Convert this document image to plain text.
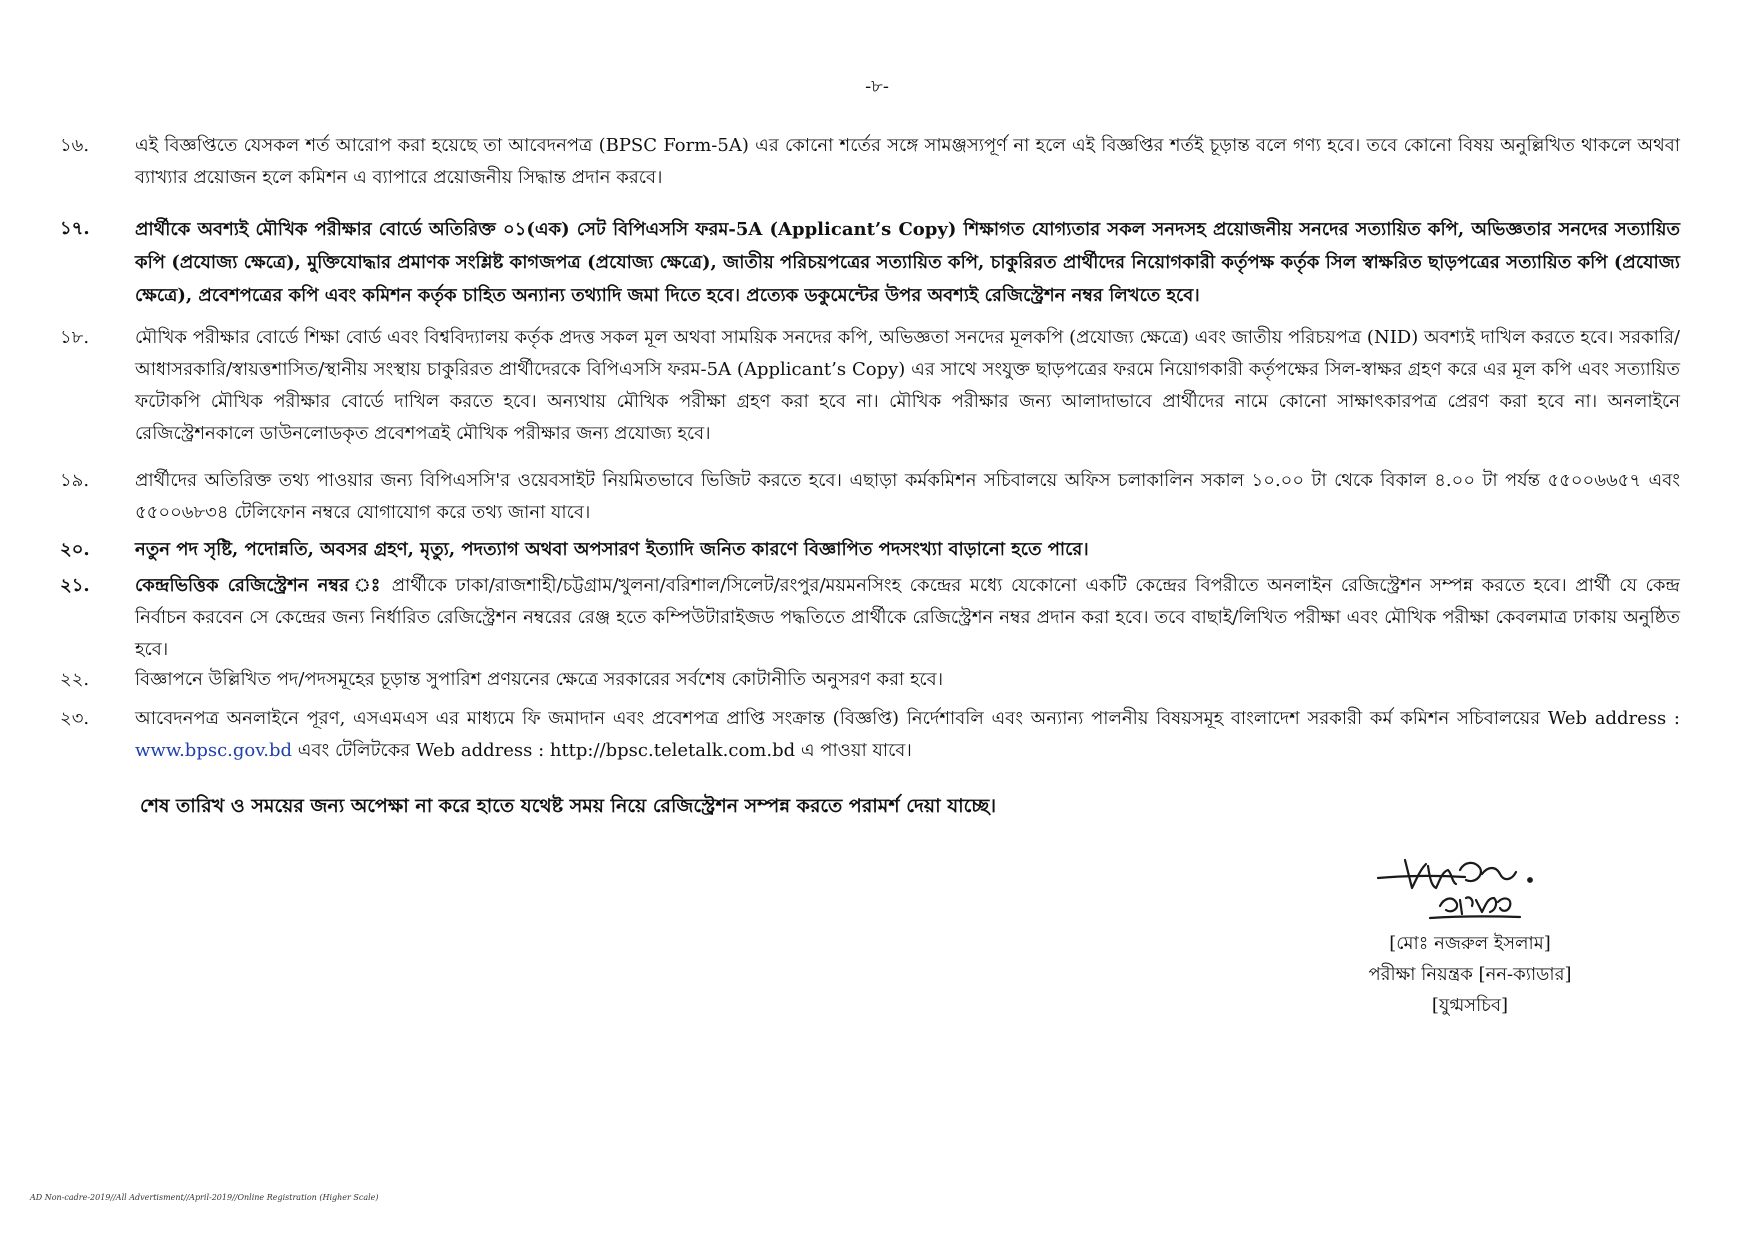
-৮-
১৬.	এই বিজ্ঞপ্তিতে যেসকল শর্ত আরোপ করা হয়েছে তা আবেদনপত্র (BPSC Form-5A) এর কোনো শর্তের সঙ্গে সামঞ্জস্যপূর্ণ না হলে এই বিজ্ঞপ্তির শর্তই চূড়ান্ত বলে গণ্য হবে। তবে কোনো বিষয় অনুল্লিখিত থাকলে অথবা ব্যাখ্যার প্রয়োজন হলে কমিশন এ ব্যাপারে প্রয়োজনীয় সিদ্ধান্ত প্রদান করবে।
১৭.	প্রার্থীকে অবশ্যই মৌখিক পরীক্ষার বোর্ডে অতিরিক্ত ০১(এক) সেট বিপিএসসি ফরম-5A (Applicant’s Copy) শিক্ষাগত যোগ্যতার সকল সনদসহ প্রয়োজনীয় সনদের সত্যায়িত কপি, অভিজ্ঞতার সনদের সত্যায়িত কপি (প্রযোজ্য ক্ষেত্রে), মুক্তিযোদ্ধার প্রমাণক সংশ্লিষ্ট কাগজপত্র (প্রযোজ্য ক্ষেত্রে), জাতীয় পরিচয়পত্রের সত্যায়িত কপি, চাকুরিরত প্রার্থীদের নিয়োগকারী কর্তৃপক্ষ কর্তৃক সিল স্বাক্ষরিত ছাড়পত্রের সত্যায়িত কপি (প্রযোজ্য ক্ষেত্রে), প্রবেশপত্রের কপি এবং কমিশন কর্তৃক চাহিত অন্যান্য তথ্যাদি জমা দিতে হবে। প্রত্যেক ডকুমেন্টের উপর অবশ্যই রেজিস্ট্রেশন নম্বর লিখতে হবে।
১৮.	মৌখিক পরীক্ষার বোর্ডে শিক্ষা বোর্ড এবং বিশ্ববিদ্যালয় কর্তৃক প্রদত্ত সকল মূল অথবা সাময়িক সনদের কপি, অভিজ্ঞতা সনদের মূলকপি (প্রযোজ্য ক্ষেত্রে) এবং জাতীয় পরিচয়পত্র (NID) অবশ্যই দাখিল করতে হবে। সরকারি/ আধাসরকারি/স্বায়ত্তশাসিত/স্থানীয় সংস্থায় চাকুরিরত প্রার্থীদেরকে বিপিএসসি ফরম-5A (Applicant’s Copy) এর সাথে সংযুক্ত ছাড়পত্রের ফরমে নিয়োগকারী কর্তৃপক্ষের সিল-স্বাক্ষর গ্রহণ করে এর মূল কপি এবং সত্যায়িত ফটোকপি মৌখিক পরীক্ষার বোর্ডে দাখিল করতে হবে। অন্যথায় মৌখিক পরীক্ষা গ্রহণ করা হবে না। মৌখিক পরীক্ষার জন্য আলাদাভাবে প্রার্থীদের নামে কোনো সাক্ষাৎকারপত্র প্রেরণ করা হবে না। অনলাইনে রেজিস্ট্রেশনকালে ডাউনলোডকৃত প্রবেশপত্রই মৌখিক পরীক্ষার জন্য প্রযোজ্য হবে।
১৯.	প্রার্থীদের অতিরিক্ত তথ্য পাওয়ার জন্য বিপিএসসি'র ওয়েবসাইট নিয়মিতভাবে ভিজিট করতে হবে। এছাড়া কর্মকমিশন সচিবালয়ে অফিস চলাকালিন সকাল ১০.০০ টা থেকে বিকাল ৪.০০ টা পর্যন্ত ৫৫০০৬৬৫৭ এবং ৫৫০০৬৮৩৪ টেলিফোন নম্বরে যোগাযোগ করে তথ্য জানা যাবে।
২০.	নতুন পদ সৃষ্টি, পদোন্নতি, অবসর গ্রহণ, মৃত্যু, পদত্যাগ অথবা অপসারণ ইত্যাদি জনিত কারণে বিজ্ঞাপিত পদসংখ্যা বাড়ানো হতে পারে।
২১.	কেন্দ্রভিত্তিক রেজিস্ট্রেশন নম্বর ঃ প্রার্থীকে ঢাকা/রাজশাহী/চট্টগ্রাম/খুলনা/বরিশাল/সিলেট/রংপুর/ময়মনসিংহ কেন্দ্রের মধ্যে যেকোনো একটি কেন্দ্রের বিপরীতে অনলাইন রেজিস্ট্রেশন সম্পন্ন করতে হবে। প্রার্থী যে কেন্দ্র নির্বাচন করবেন সে কেন্দ্রের জন্য নির্ধারিত রেজিস্ট্রেশন নম্বরের রেঞ্জ হতে কম্পিউটারাইজড পদ্ধতিতে প্রার্থীকে রেজিস্ট্রেশন নম্বর প্রদান করা হবে। তবে বাছাই/লিখিত পরীক্ষা এবং মৌখিক পরীক্ষা কেবলমাত্র ঢাকায় অনুষ্ঠিত হবে।
২২.	বিজ্ঞাপনে উল্লিখিত পদ/পদসমূহের চূড়ান্ত সুপারিশ প্রণয়নের ক্ষেত্রে সরকারের সর্বশেষ কোটানীতি অনুসরণ করা হবে।
২৩.	আবেদনপত্র অনলাইনে পূরণ, এসএমএস এর মাধ্যমে ফি জমাদান এবং প্রবেশপত্র প্রাপ্তি সংক্রান্ত (বিজ্ঞপ্তি) নির্দেশাবলি এবং অন্যান্য পালনীয় বিষয়সমূহ বাংলাদেশ সরকারী কর্ম কমিশন সচিবালয়ের Web address : www.bpsc.gov.bd এবং টেলিটকের Web address : http://bpsc.teletalk.com.bd এ পাওয়া যাবে।
শেষ তারিখ ও সময়ের জন্য অপেক্ষা না করে হাতে যথেষ্ট সময় নিয়ে রেজিস্ট্রেশন সম্পন্ন করতে পরামর্শ দেয়া যাচ্ছে।
[মোঃ নজরুল ইসলাম]
পরীক্ষা নিয়ন্ত্রক [নন-ক্যাডার]
[যুগ্মসচিব]
AD Non-cadre-2019//All Advertisment//April-2019//Online Registration (Higher Scale)
